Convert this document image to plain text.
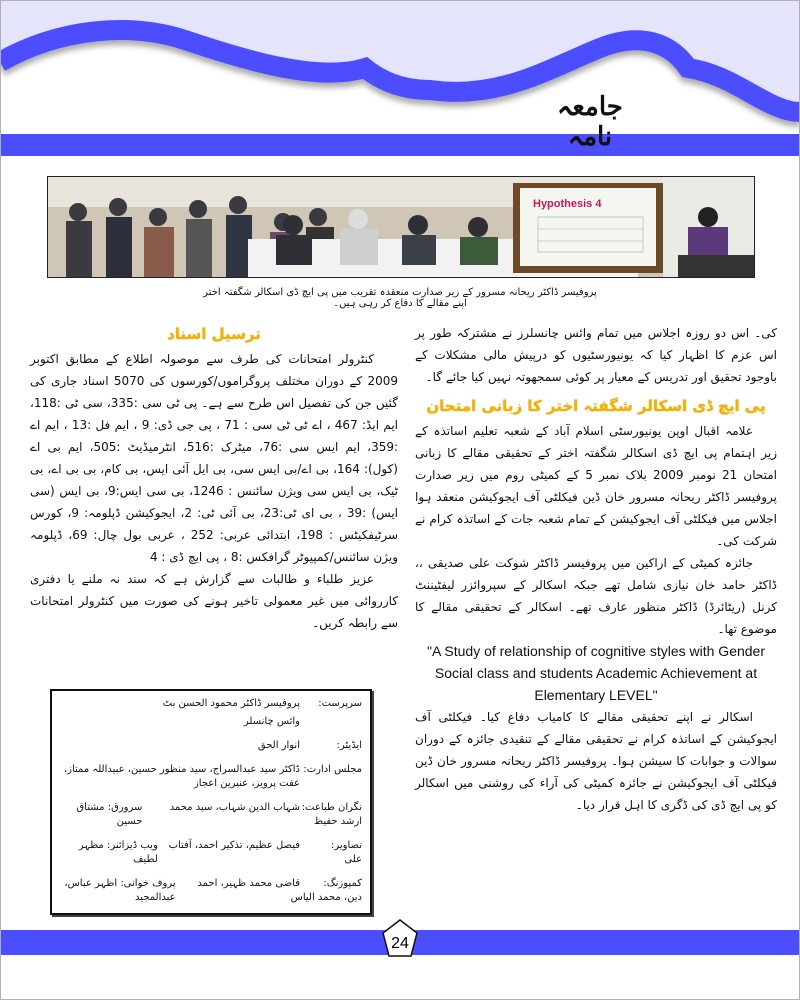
جامعہ نامہ
Hypothesis 4
پروفیسر ڈاکٹر ریحانہ مسرور کے زیر صدارت منعقدہ تقریب میں پی ایچ ڈی اسکالر شگفتہ اختر اپنے مقالے کا دفاع کر رہی ہیں۔

کی۔ اس دو روزہ اجلاس میں تمام وائس چانسلرز نے مشترکہ طور پر اس عزم کا اظہار کیا کہ یونیورسٹیوں کو درپیش مالی مشکلات کے باوجود تحقیق اور تدریس کے معیار پر کوئی سمجھوتہ نہیں کیا جائے گا۔

پی ایچ ڈی اسکالر شگفتہ اختر کا زبانی امتحان

علامہ اقبال اوپن یونیورسٹی اسلام آباد کے شعبہ تعلیم اساتذہ کے زیر اہتمام پی ایچ ڈی اسکالر شگفتہ اختر کے تحقیقی مقالے کا زبانی امتحان 21 نومبر 2009 بلاک نمبر 5 کے کمیٹی روم میں زیر صدارت پروفیسر ڈاکٹر ریحانہ مسرور خان ڈین فیکلٹی آف ایجوکیشن منعقد ہوا اجلاس میں فیکلٹی آف ایجوکیشن کے تمام شعبہ جات کے اساتذہ کرام نے شرکت کی۔

جائزہ کمیٹی کے اراکین میں پروفیسر ڈاکٹر شوکت علی صدیقی ،، ڈاکٹر حامد خان نیازی شامل تھے جبکہ اسکالر کے سپروائزر لیفٹیننٹ کرنل (ریٹائرڈ) ڈاکٹر منظور عارف تھے۔ اسکالر کے تحقیقی مقالے کا موضوع تھا۔

"A Study of relationship of cognitive styles with Gender Social class and students Academic Achievement at Elementary LEVEL"

اسکالر نے اپنے تحقیقی مقالے کا کامیاب دفاع کیا۔ فیکلٹی آف ایجوکیشن کے اساتذہ کرام نے تحقیقی مقالے کے تنقیدی جائزہ کے دوران سوالات و جوابات کا سیشن ہوا۔ پروفیسر ڈاکٹر ریحانہ مسرور خان ڈین فیکلٹی آف ایجوکیشن نے جائزہ کمیٹی کی آراء کی روشنی میں اسکالر کو پی ایچ ڈی کی ڈگری کا اہل قرار دیا۔

ترسیل اسناد

کنٹرولر امتحانات کی طرف سے موصولہ اطلاع کے مطابق اکتوبر 2009 کے دوران مختلف پروگراموں/کورسوں کی 5070 اسناد جاری کی گئیں جن کی تفصیل اس طرح سے ہے۔ پی ٹی سی :335، سی ٹی :118، ایم ایڈ: 467 ، اے ٹی ٹی سی : 71 ، پی جی ڈی: 9 ، ایم فل :13 ، ایم اے :359، ایم ایس سی :76، میٹرک :516، انٹرمیڈیٹ :505، ایم بی اے (کول): 164، بی اے/بی ایس سی، بی ایل آئی ایس، بی کام، بی بی اے، بی ٹیک، بی ایس سی ویژن سائنس : 1246، بی سی ایس:9، بی ایس (سی ایس) :39 ، بی ای ٹی:23، بی آئی ٹی: 2، ایجوکیشن ڈپلومہ: 9، کورس سرٹیفکیٹس : 198، ابتدائی عربی: 252 ، عربی بول چال: 69، ڈپلومہ ویژن سائنس/کمپیوٹر گرافکس :8 ، پی ایچ ڈی : 4

عزیز طلباء و طالبات سے گزارش ہے کہ سند نہ ملنے یا دفتری کارروائی میں غیر معمولی تاخیر ہونے کی صورت میں کنٹرولر امتحانات سے رابطہ کریں۔

سرپرست:
پروفیسر ڈاکٹر محمود الحسن بٹ
وائس چانسلر
ایڈیٹر:
انوار الحق
مجلس ادارت:
ڈاکٹر سید عبدالسراج، سید منظور حسین، عبیداللہ ممتاز، عفت پرویز، عنبرین اعجاز
نگران طباعت:شہاب الدین شہاب، سید محمد ارشد حفیظ
سرورق: مشتاق حسین
تصاویر:فیصل عظیم، تذکیر احمد، آفتاب علی
ویب ڈیزائنر: مظہر لطیف
کمپوزنگ:قاضی محمد ظہیر، احمد دین، محمد الیاس
پروف خوانی: اظہر عباس، عبدالمجید
24
